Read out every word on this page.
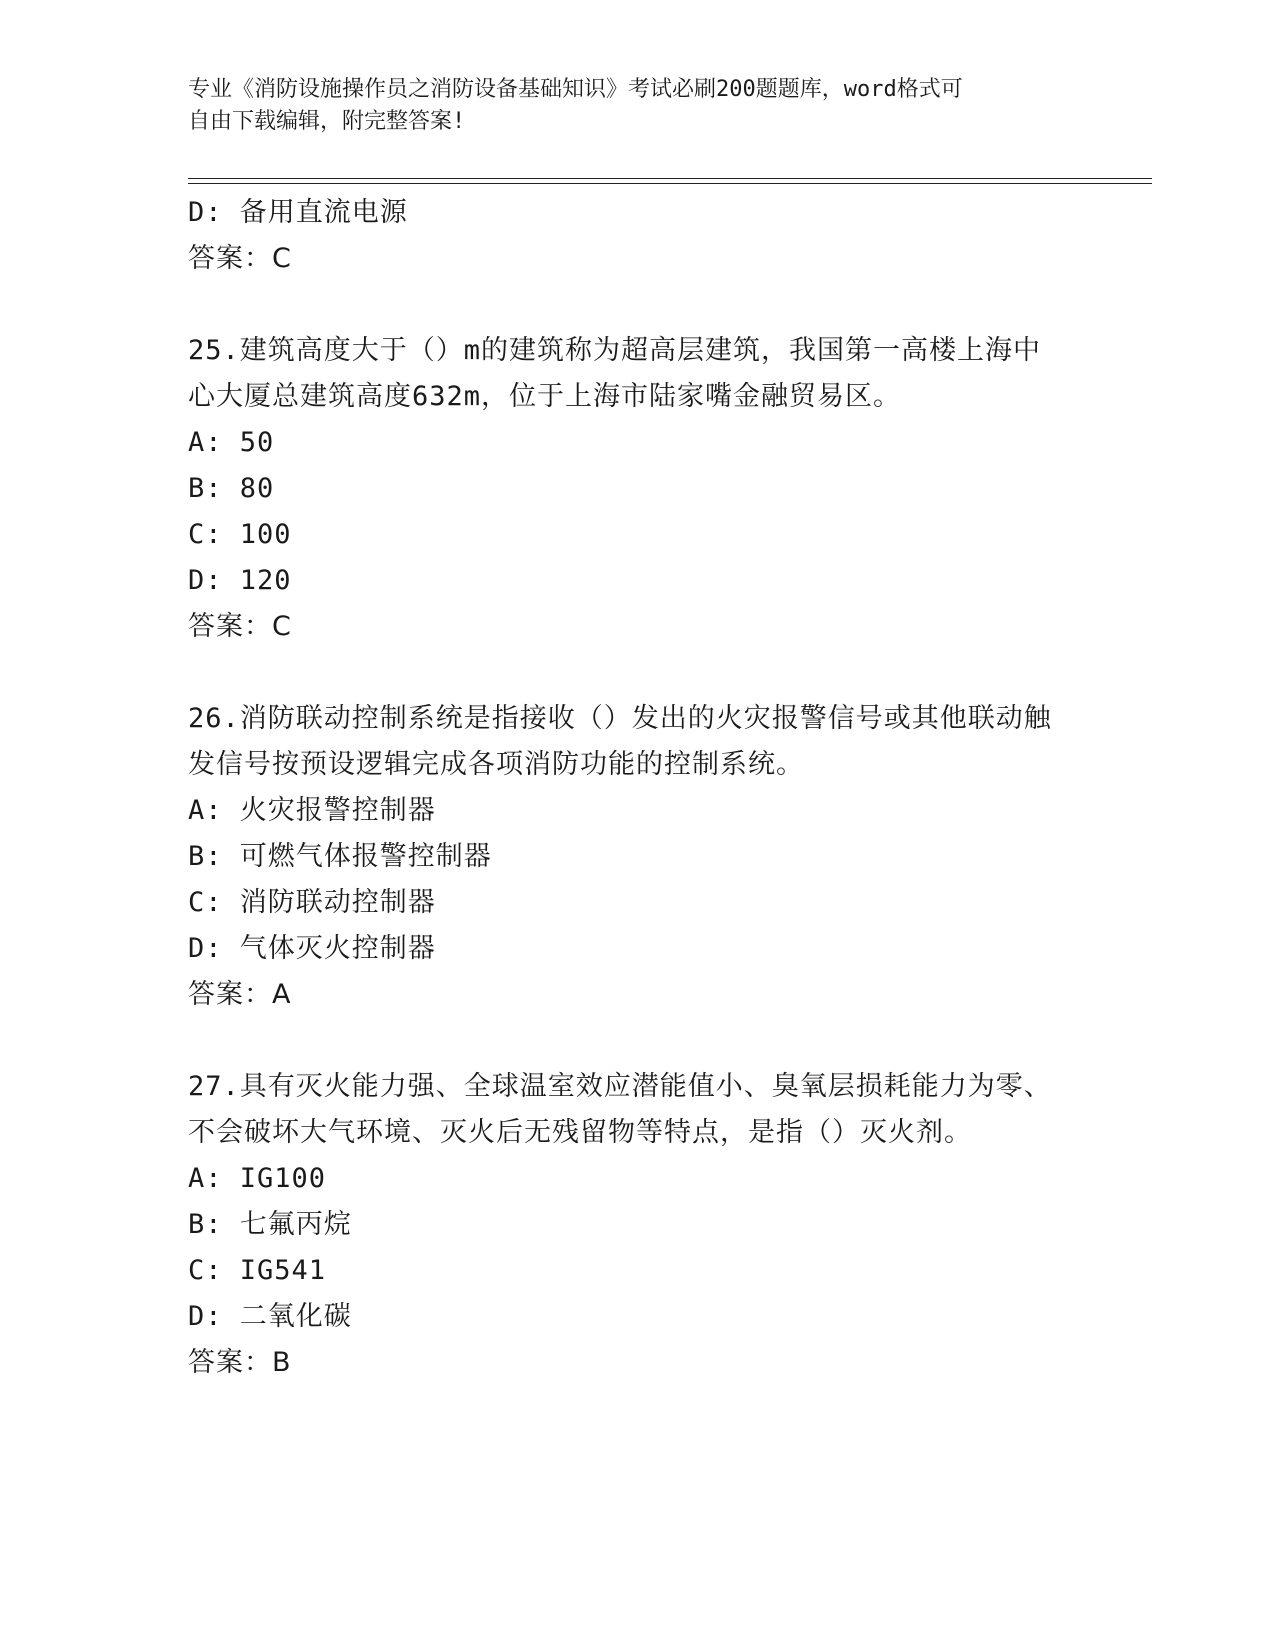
专业《消防设施操作员之消防设备基础知识》考试必刷200题题库，word格式可
自由下载编辑，附完整答案!
D: 备用直流电源
答案：C
25.建筑高度大于（）m的建筑称为超高层建筑，我国第一高楼上海中
心大厦总建筑高度632m，位于上海市陆家嘴金融贸易区。
A: 50
B: 80
C: 100
D: 120
答案：C
26.消防联动控制系统是指接收（）发出的火灾报警信号或其他联动触
发信号按预设逻辑完成各项消防功能的控制系统。
A: 火灾报警控制器
B: 可燃气体报警控制器
C: 消防联动控制器
D: 气体灭火控制器
答案：A
27.具有灭火能力强、全球温室效应潜能值小、臭氧层损耗能力为零、
不会破坏大气环境、灭火后无残留物等特点，是指（）灭火剂。
A: IG100
B: 七氟丙烷
C: IG541
D: 二氧化碳
答案：B
